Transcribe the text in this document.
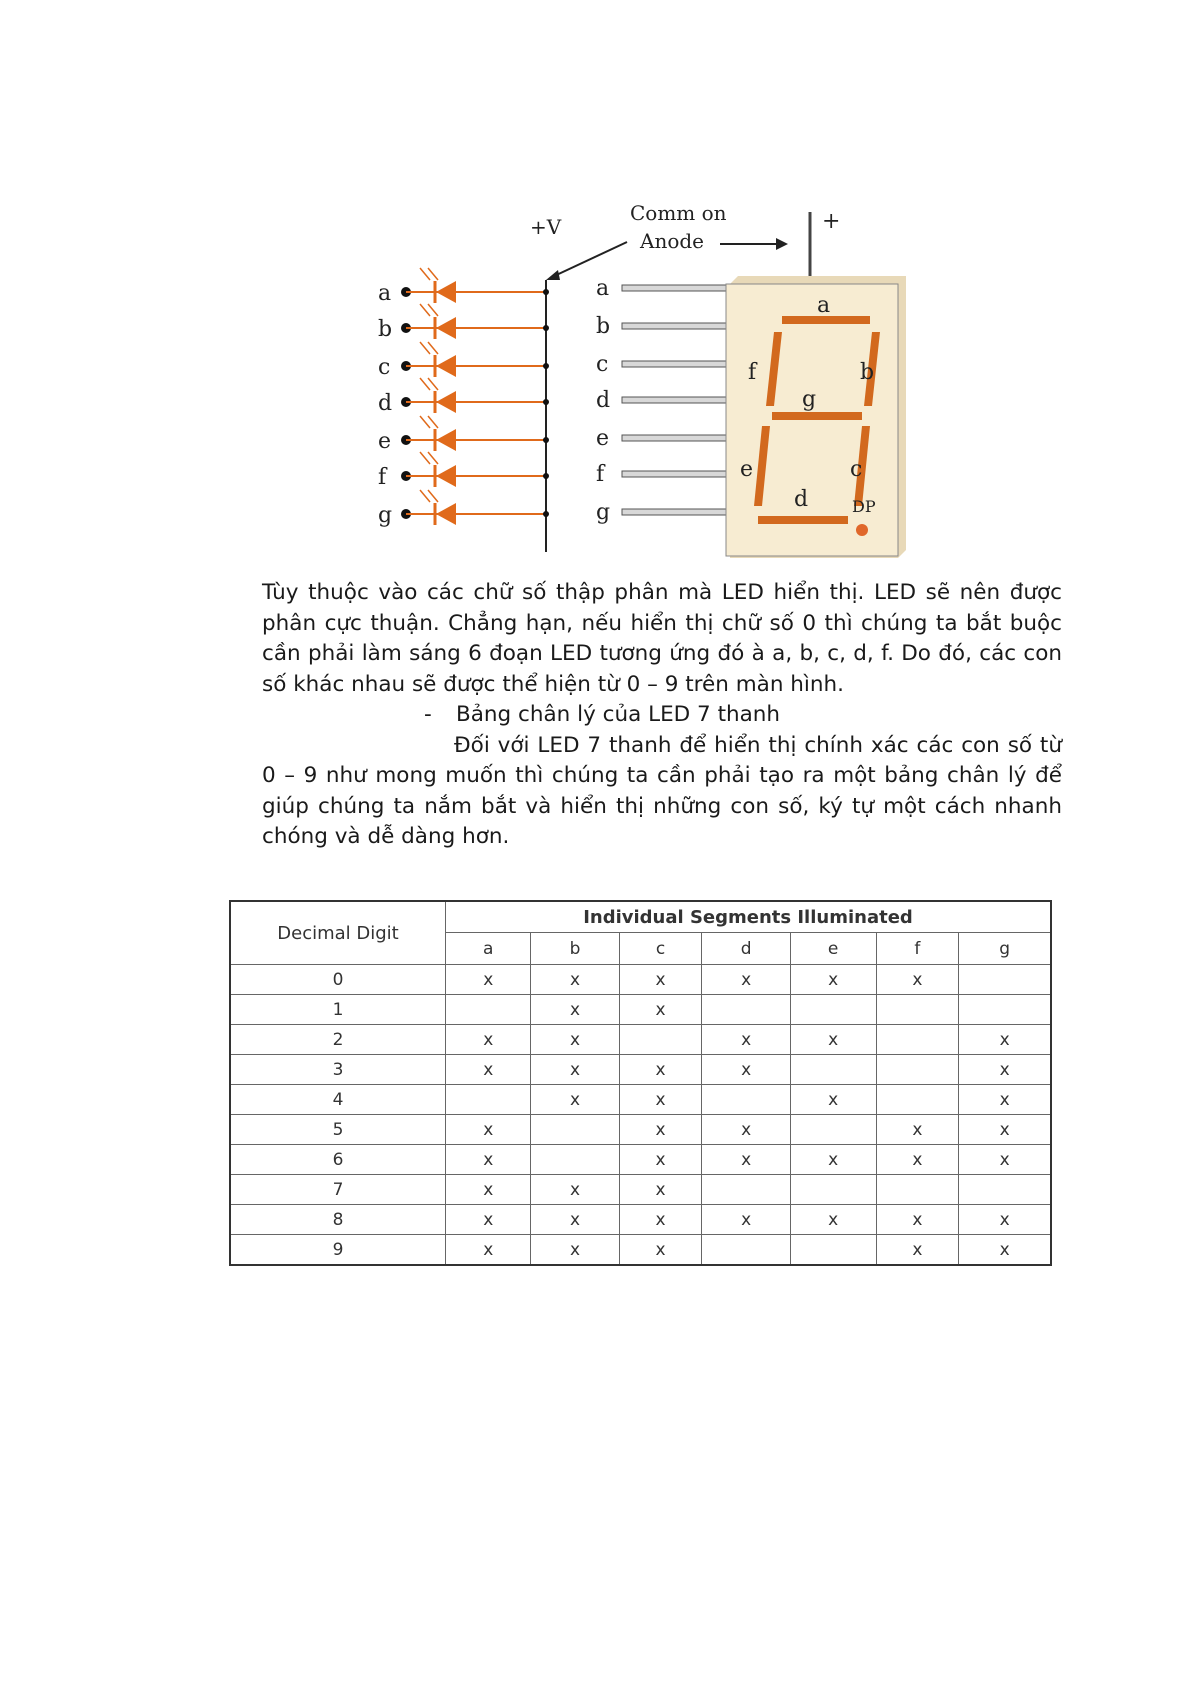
+V
Comm on
Anode
+
a
b
c
d
e
f
g
a
b
c
d
e
f
g
a
b
c
d
e
f
g
DP

Tùy thuộc vào các chữ số thập phân mà LED hiển thị. LED sẽ nên được phân cực thuận. Chẳng hạn, nếu hiển thị chữ số 0 thì chúng ta bắt buộc cần phải làm sáng 6 đoạn LED tương ứng đó à a, b, c, d, f. Do đó, các con số khác nhau sẽ được thể hiện từ 0 – 9 trên màn hình.

- Bảng chân lý của LED 7 thanh

Đối với LED 7 thanh để hiển thị chính xác các con số từ 0 – 9 như mong muốn thì chúng ta cần phải tạo ra một bảng chân lý để giúp chúng ta nắm bắt và hiển thị những con số, ký tự một cách nhanh chóng và dễ dàng hơn.

Decimal Digit	Individual Segments Illuminated						
	a	b	c	d	e	f	g
0	x	x	x	x	x	x	
1		x	x				
2	x	x		x	x		x
3	x	x	x	x			x
4		x	x		x		x
5	x		x	x		x	x
6	x		x	x	x	x	x
7	x	x	x				
8	x	x	x	x	x	x	x
9	x	x	x			x	x
